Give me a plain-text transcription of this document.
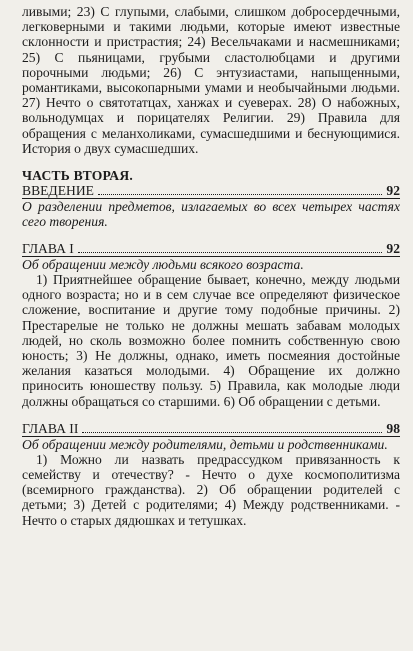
ливыми; 23) С глупыми, слабыми, слишком добросердечными, легковерными и такими людьми, которые имеют известные склонности и пристрастия; 24) Весельчаками и насмешниками; 25) С пьяницами, грубыми сластолюбцами и другими порочными людьми; 26) С энтузиастами, напыщенными, романтиками, высокопарными умами и необычайными людьми. 27) Нечто о святотатцах, ханжах и суеверах. 28) О набожных, вольнодумцах и порицателях Религии. 29) Правила для обращения с меланхоликами, сумасшедшими и беснующимися. История о двух сумасшедших.

ЧАСТЬ ВТОРАЯ.
ВВЕДЕНИЕ	92

О разделении предметов, излагаемых во всех четырех частях сего творения.

ГЛАВА I	92

Об обращении между людьми всякого возраста.

1) Приятнейшее обращение бывает, конечно, между людьми одного возраста; но и в сем случае все определяют физическое сложение, воспитание и другие тому подобные причины. 2) Престарелые не только не должны мешать забавам молодых людей, но сколь возможно более помнить собственную свою юность; 3) Не должны, однако, иметь посмеяния достойные желания казаться молодыми. 4) Обращение их должно приносить юношеству пользу. 5) Правила, как молодые люди должны обращаться со старшими. 6) Об обращении с детьми.

ГЛАВА II	98

Об обращении между родителями, детьми и родственниками.

1) Можно ли назвать предрассудком привязанность к семейству и отечеству? - Нечто о духе космополитизма (всемирного гражданства). 2) Об обращении родителей с детьми; 3) Детей с родителями; 4) Между родственниками. - Нечто о старых дядюшках и тетушках.
